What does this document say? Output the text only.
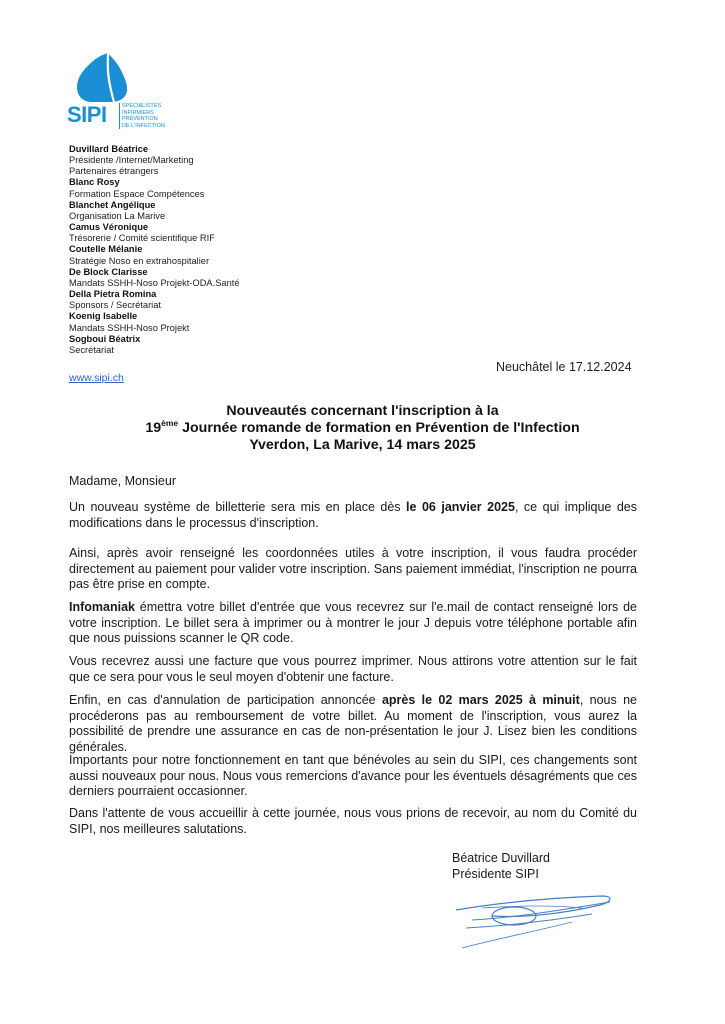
SIPI	SPÉCIALISTES INFIRMIERS
PRÉVENTION
DE L'INFECTION
Duvillard Béatrice
Présidente /Internet/Marketing
Partenaires étrangers
Blanc Rosy
Formation Espace Compétences
Blanchet Angélique
Organisation La Marive
Camus Véronique
Trésorerie / Comité scientifique RIF
Coutelle Mélanie
Stratégie Noso en extrahospitalier
De Block Clarisse
Mandats SSHH-Noso Projekt-ODA.Santé
Della Pietra Romina
Sponsors / Secrétariat
Koenig Isabelle
Mandats SSHH-Noso Projekt
Sogboui Béatrix
Secrétariat
Neuchâtel le 17.12.2024
www.sipi.ch
Nouveautés concernant l'inscription à la
19ème Journée romande de formation en Prévention de l'Infection
Yverdon, La Marive, 14 mars 2025
Madame, Monsieur

Un nouveau système de billetterie sera mis en place dès le 06 janvier 2025, ce qui implique des modifications dans le processus d'inscription.

Ainsi, après avoir renseigné les coordonnées utiles à votre inscription, il vous faudra procéder directement au paiement pour valider votre inscription. Sans paiement immédiat, l'inscription ne pourra pas être prise en compte.

Infomaniak émettra votre billet d'entrée que vous recevrez sur l'e.mail de contact renseigné lors de votre inscription. Le billet sera à imprimer ou à montrer le jour J depuis votre téléphone portable afin que nous puissions scanner le QR code.

Vous recevrez aussi une facture que vous pourrez imprimer. Nous attirons votre attention sur le fait que ce sera pour vous le seul moyen d'obtenir une facture.

Enfin, en cas d'annulation de participation annoncée après le 02 mars 2025 à minuit, nous ne procéderons pas au remboursement de votre billet. Au moment de l'inscription, vous aurez la possibilité de prendre une assurance en cas de non-présentation le jour J. Lisez bien les conditions générales.

Importants pour notre fonctionnement en tant que bénévoles au sein du SIPI, ces changements sont aussi nouveaux pour nous. Nous vous remercions d'avance pour les éventuels désagréments que ces derniers pourraient occasionner.

Dans l'attente de vous accueillir à cette journée, nous vous prions de recevoir, au nom du Comité du SIPI, nos meilleures salutations.

Béatrice Duvillard
Présidente SIPI
